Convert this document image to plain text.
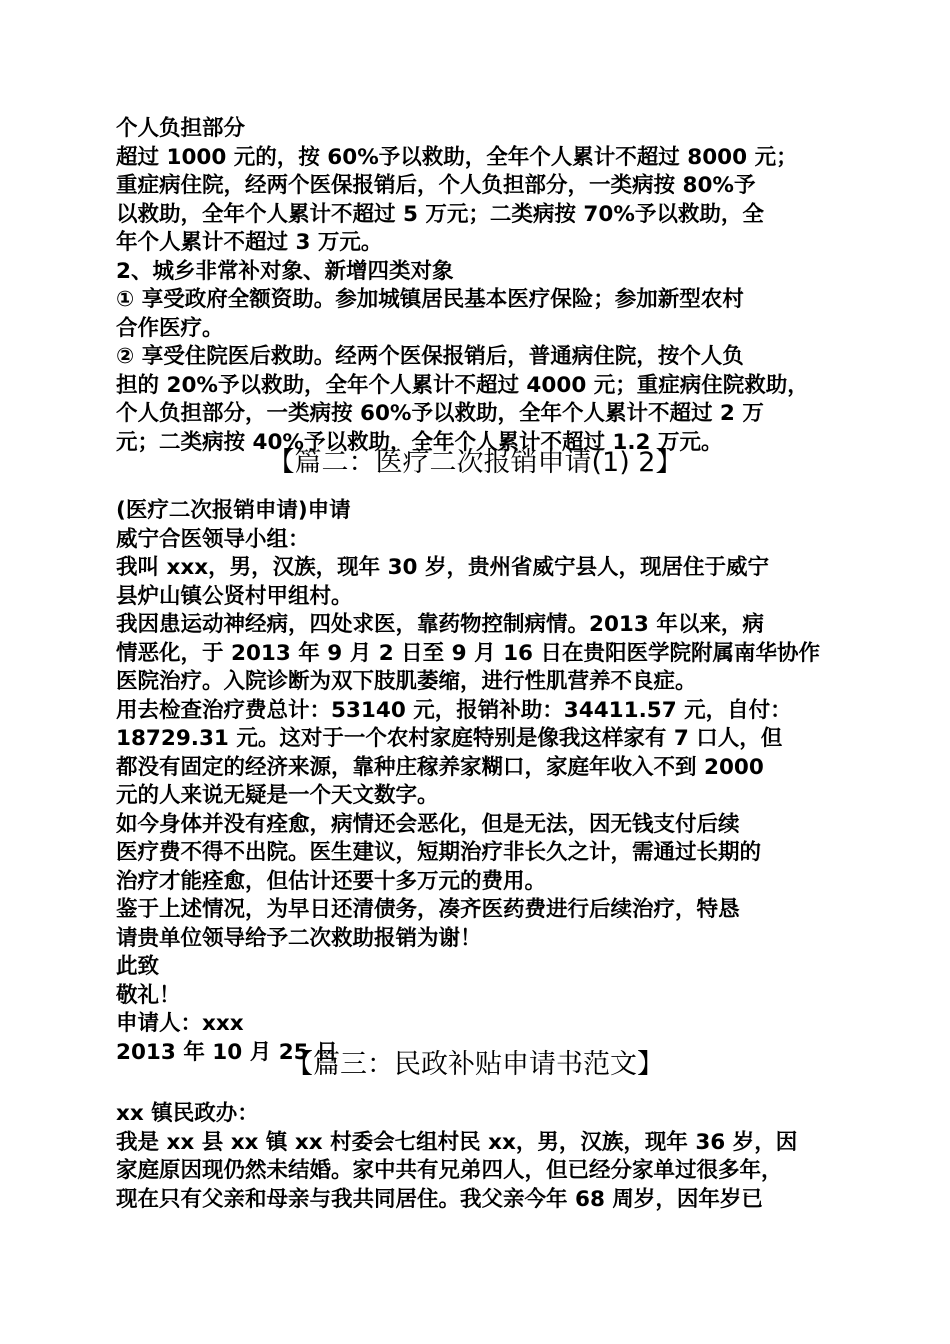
个人负担部分
超过 1000 元的，按 60%予以救助，全年个人累计不超过 8000 元；
重症病住院，经两个医保报销后，个人负担部分，一类病按 80%予
以救助，全年个人累计不超过 5 万元；二类病按 70%予以救助，全
年个人累计不超过 3 万元。
2、城乡非常补对象、新增四类对象
① 享受政府全额资助。参加城镇居民基本医疗保险；参加新型农村
合作医疗。
② 享受住院医后救助。经两个医保报销后，普通病住院，按个人负
担的 20%予以救助，全年个人累计不超过 4000 元；重症病住院救助，
个人负担部分，一类病按 60%予以救助，全年个人累计不超过 2 万
元；二类病按 40%予以救助，全年个人累计不超过 1.2 万元。
【篇二：医疗二次报销申请(1) 2】
(医疗二次报销申请)申请
威宁合医领导小组：
我叫 xxx，男，汉族，现年 30 岁，贵州省威宁县人，现居住于威宁
县炉山镇公贤村甲组村。
我因患运动神经病，四处求医，靠药物控制病情。2013 年以来，病
情恶化，于 2013 年 9 月 2 日至 9 月 16 日在贵阳医学院附属南华协作
医院治疗。入院诊断为双下肢肌萎缩，进行性肌营养不良症。
用去检查治疗费总计：53140 元，报销补助：34411.57 元，自付：
18729.31 元。这对于一个农村家庭特别是像我这样家有 7 口人，但
都没有固定的经济来源，靠种庄稼养家糊口，家庭年收入不到 2000
元的人来说无疑是一个天文数字。
如今身体并没有痊愈，病情还会恶化，但是无法，因无钱支付后续
医疗费不得不出院。医生建议，短期治疗非长久之计，需通过长期的
治疗才能痊愈，但估计还要十多万元的费用。
鉴于上述情况，为早日还清债务，凑齐医药费进行后续治疗，特恳
请贵单位领导给予二次救助报销为谢！
此致
敬礼！
申请人：xxx
2013 年 10 月 25 日
【篇三：民政补贴申请书范文】
xx 镇民政办：
我是 xx 县 xx 镇 xx 村委会七组村民 xx，男，汉族，现年 36 岁，因
家庭原因现仍然未结婚。家中共有兄弟四人，但已经分家单过很多年，
现在只有父亲和母亲与我共同居住。我父亲今年 68 周岁，因年岁已
